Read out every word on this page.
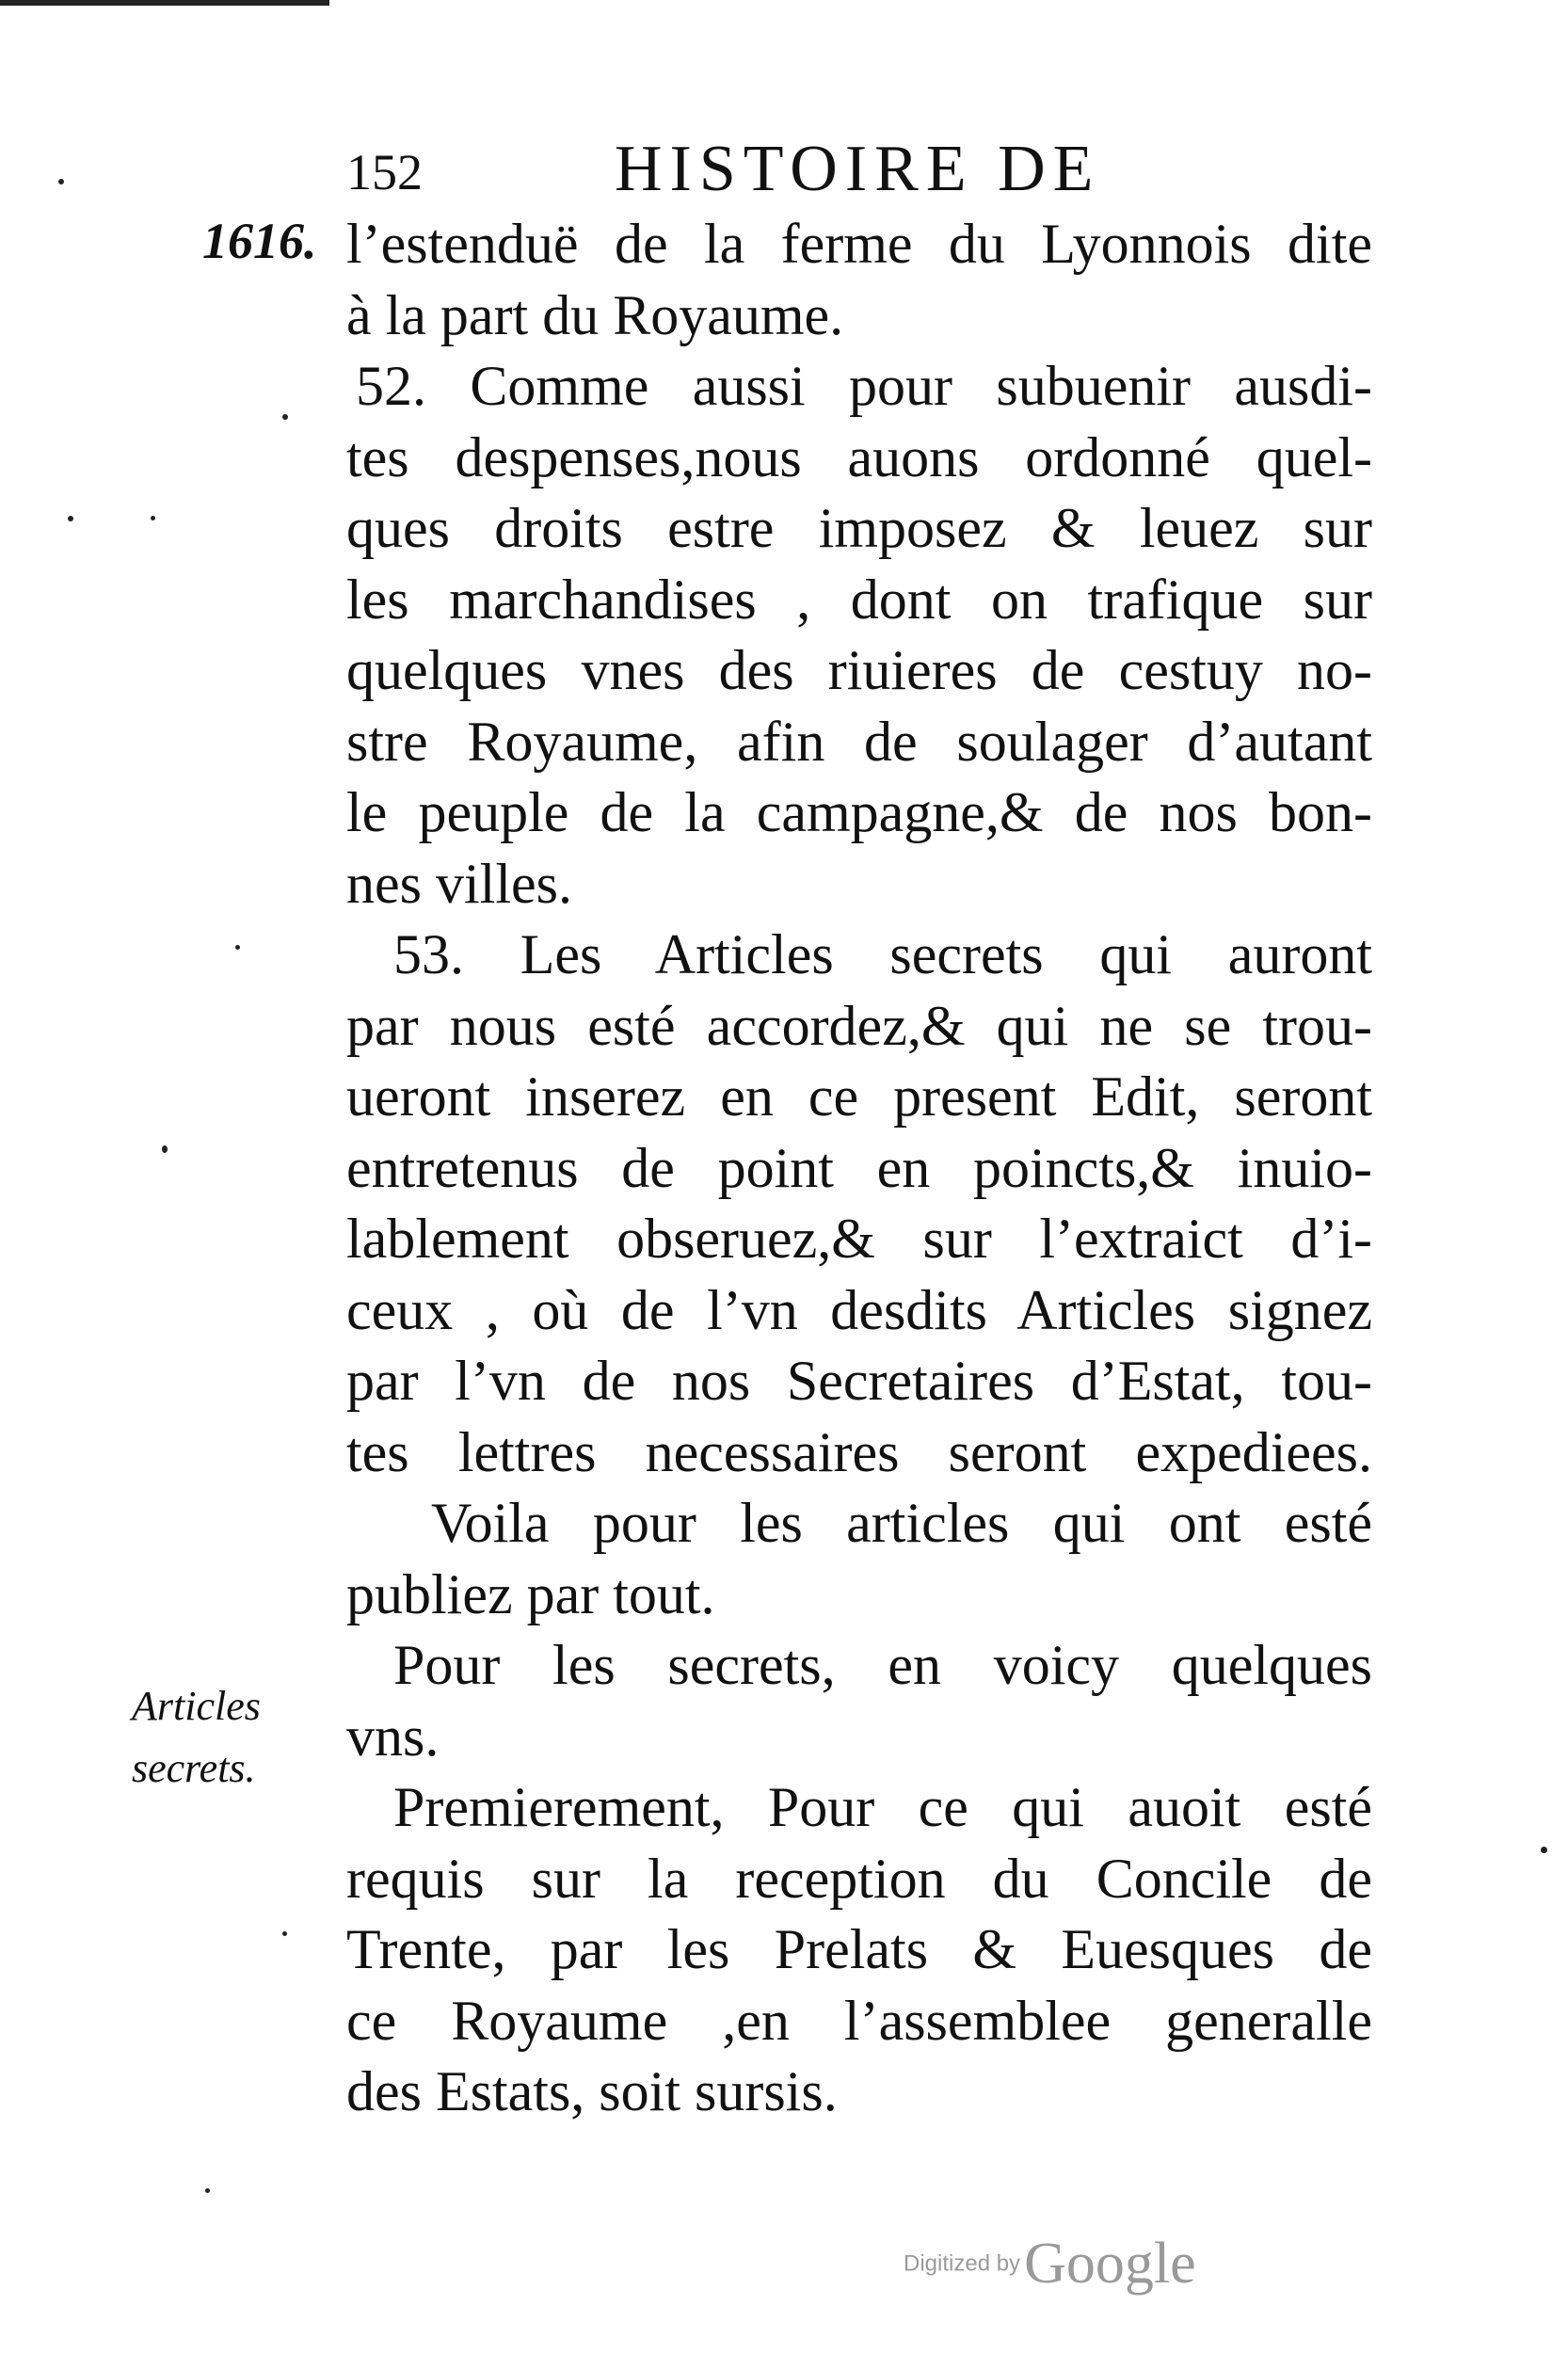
152	HISTOIRE DE
1616. l’estenduë de la ferme du Lyonnois dite
à la part du Royaume.
52. Comme aussi pour subuenir ausdi-
tes despenses,nous auons ordonné quel-
ques droits estre imposez & leuez sur
les marchandises , dont on trafique sur
quelques vnes des riuieres de cestuy no-
stre Royaume, afin de soulager d’autant
le peuple de la campagne,& de nos bon-
nes villes.
53. Les Articles secrets qui auront
par nous esté accordez,& qui ne se trou-
ueront inserez en ce present Edit, seront
entretenus de point en poincts,& inuio-
lablement obseruez,& sur l’extraict d’i-
ceux , où de l’vn desdits Articles signez
par l’vn de nos Secretaires d’Estat, tou-
tes lettres necessaires seront expediees.
Voila pour les articles qui ont esté
publiez par tout.
Pour les secrets, en voicy quelques
vns.
Premierement, Pour ce qui auoit esté
requis sur la reception du Concile de
Trente, par les Prelats & Euesques de
ce Royaume ,en l’assemblee generalle
des Estats, soit sursis.
Articles
secrets.
Digitized by Google
